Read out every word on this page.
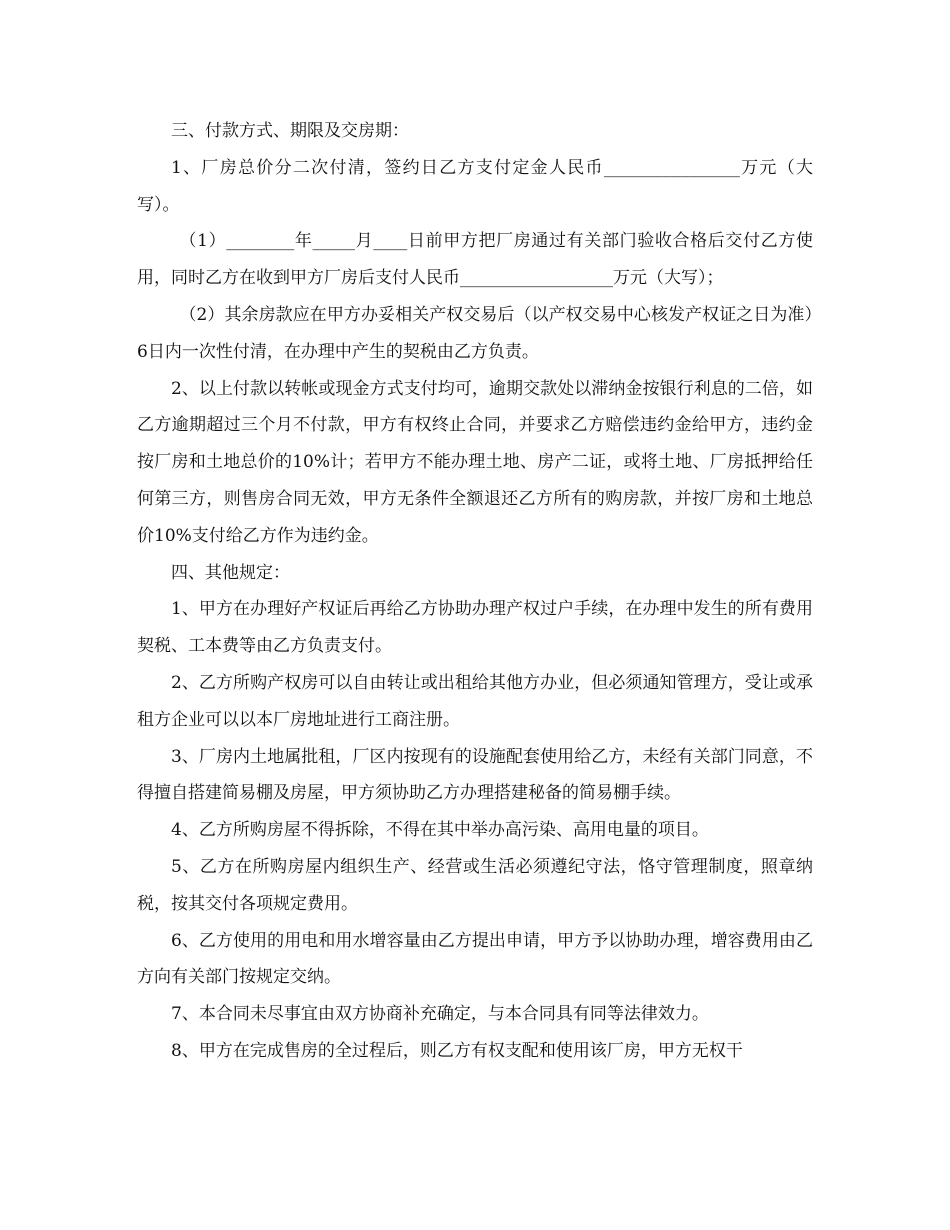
三、付款方式、期限及交房期：

1、厂房总价分二次付清，签约日乙方支付定金人民币________________万元（大写）。

（1）________年_____月____日前甲方把厂房通过有关部门验收合格后交付乙方使用，同时乙方在收到甲方厂房后支付人民币__________________万元（大写）；

（2）其余房款应在甲方办妥相关产权交易后（以产权交易中心核发产权证之日为准）6日内一次性付清，在办理中产生的契税由乙方负责。

2、以上付款以转帐或现金方式支付均可，逾期交款处以滞纳金按银行利息的二倍，如乙方逾期超过三个月不付款，甲方有权终止合同，并要求乙方赔偿违约金给甲方，违约金按厂房和土地总价的10%计；若甲方不能办理土地、房产二证，或将土地、厂房抵押给任何第三方，则售房合同无效，甲方无条件全额退还乙方所有的购房款，并按厂房和土地总价10%支付给乙方作为违约金。

四、其他规定：

1、甲方在办理好产权证后再给乙方协助办理产权过户手续，在办理中发生的所有费用契税、工本费等由乙方负责支付。

2、乙方所购产权房可以自由转让或出租给其他方办业，但必须通知管理方，受让或承租方企业可以以本厂房地址进行工商注册。

3、厂房内土地属批租，厂区内按现有的设施配套使用给乙方，未经有关部门同意，不得擅自搭建简易棚及房屋，甲方须协助乙方办理搭建秘备的简易棚手续。

4、乙方所购房屋不得拆除，不得在其中举办高污染、高用电量的项目。

5、乙方在所购房屋内组织生产、经营或生活必须遵纪守法，恪守管理制度，照章纳税，按其交付各项规定费用。

6、乙方使用的用电和用水增容量由乙方提出申请，甲方予以协助办理，增容费用由乙方向有关部门按规定交纳。

7、本合同未尽事宜由双方协商补充确定，与本合同具有同等法律效力。

8、甲方在完成售房的全过程后，则乙方有权支配和使用该厂房，甲方无权干
